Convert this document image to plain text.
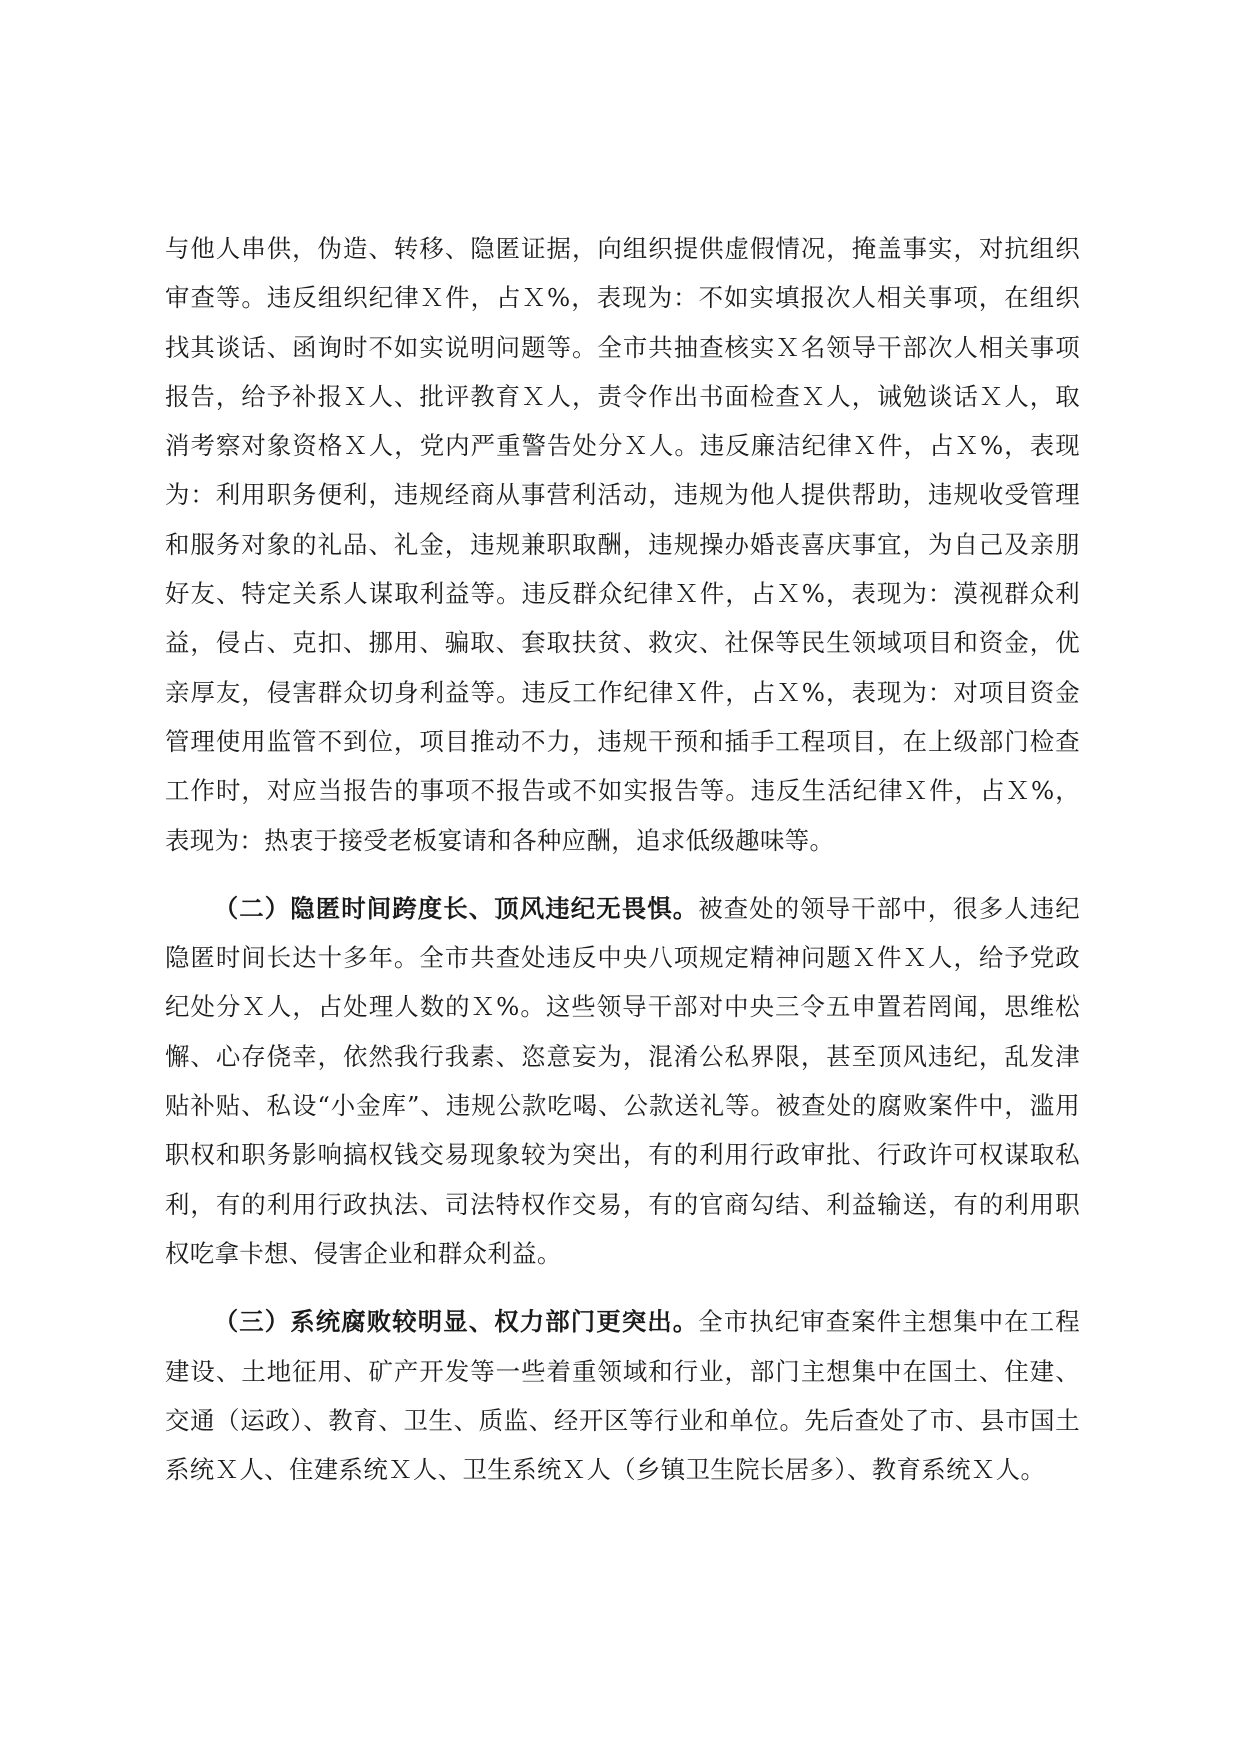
与他人串供，伪造、转移、隐匿证据，向组织提供虚假情况，掩盖事实，对抗组织审查等。违反组织纪律Ｘ件，占Ｘ%，表现为：不如实填报次人相关事项，在组织找其谈话、函询时不如实说明问题等。全市共抽查核实Ｘ名领导干部次人相关事项报告，给予补报Ｘ人、批评教育Ｘ人，责令作出书面检查Ｘ人，诫勉谈话Ｘ人，取消考察对象资格Ｘ人，党内严重警告处分Ｘ人。违反廉洁纪律Ｘ件，占Ｘ%，表现为：利用职务便利，违规经商从事营利活动，违规为他人提供帮助，违规收受管理和服务对象的礼品、礼金，违规兼职取酬，违规操办婚丧喜庆事宜，为自己及亲朋好友、特定关系人谋取利益等。违反群众纪律Ｘ件，占Ｘ%，表现为：漠视群众利益，侵占、克扣、挪用、骗取、套取扶贫、救灾、社保等民生领域项目和资金，优亲厚友，侵害群众切身利益等。违反工作纪律Ｘ件，占Ｘ%，表现为：对项目资金管理使用监管不到位，项目推动不力，违规干预和插手工程项目，在上级部门检查工作时，对应当报告的事项不报告或不如实报告等。违反生活纪律Ｘ件，占Ｘ%，表现为：热衷于接受老板宴请和各种应酬，追求低级趣味等。

（二）隐匿时间跨度长、顶风违纪无畏惧。被查处的领导干部中，很多人违纪隐匿时间长达十多年。全市共查处违反中央八项规定精神问题Ｘ件Ｘ人，给予党政纪处分Ｘ人，占处理人数的Ｘ%。这些领导干部对中央三令五申置若罔闻，思维松懈、心存侥幸，依然我行我素、恣意妄为，混淆公私界限，甚至顶风违纪，乱发津贴补贴、私设“小金库”、违规公款吃喝、公款送礼等。被查处的腐败案件中，滥用职权和职务影响搞权钱交易现象较为突出，有的利用行政审批、行政许可权谋取私利，有的利用行政执法、司法特权作交易，有的官商勾结、利益输送，有的利用职权吃拿卡想、侵害企业和群众利益。

（三）系统腐败较明显、权力部门更突出。全市执纪审查案件主想集中在工程建设、土地征用、矿产开发等一些着重领域和行业，部门主想集中在国土、住建、交通（运政）、教育、卫生、质监、经开区等行业和单位。先后查处了市、县市国土系统Ｘ人、住建系统Ｘ人、卫生系统Ｘ人（乡镇卫生院长居多）、教育系统Ｘ人。
